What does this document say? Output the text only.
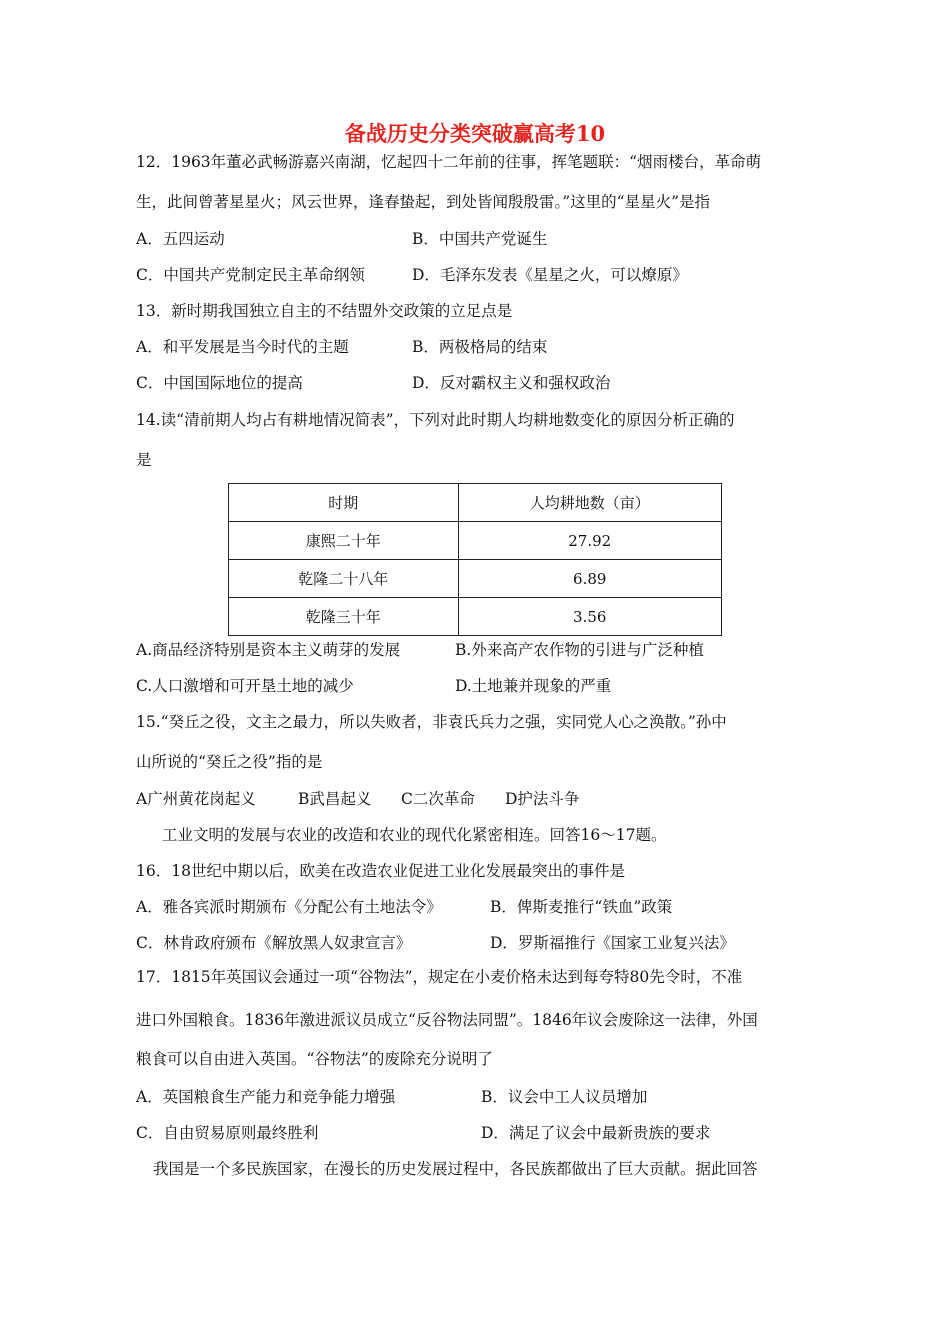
备战历史分类突破赢高考10
12．1963年董必武畅游嘉兴南湖，忆起四十二年前的往事，挥笔题联：“烟雨楼台，革命萌
生，此间曾著星星火；风云世界，逢春蛰起，到处皆闻殷殷雷。”这里的“星星火”是指
A．五四运动	B．中国共产党诞生
C．中国共产党制定民主革命纲领	D．毛泽东发表《星星之火，可以燎原》
13．新时期我国独立自主的不结盟外交政策的立足点是
A．和平发展是当今时代的主题	B．两极格局的结束
C．中国国际地位的提高	D．反对霸权主义和强权政治
14.读“清前期人均占有耕地情况简表”，下列对此时期人均耕地数变化的原因分析正确的
是
时期	人均耕地数（亩）
康熙二十年	27.92
乾隆二十八年	6.89
乾隆三十年	3.56
A.商品经济特别是资本主义萌芽的发展	B.外来高产农作物的引进与广泛种植
C.人口激增和可开垦土地的减少	D.土地兼并现象的严重
15.“癸丘之役，文主之最力，所以失败者，非袁氏兵力之强，实同党人心之涣散。”孙中
山所说的“癸丘之役”指的是
A广州黄花岗起义	B武昌起义 C二次革命 D护法斗争
工业文明的发展与农业的改造和农业的现代化紧密相连。回答16～17题。
16．18世纪中期以后，欧美在改造农业促进工业化发展最突出的事件是
A．雅各宾派时期颁布《分配公有土地法令》	B．俾斯麦推行“铁血”政策
C．林肯政府颁布《解放黑人奴隶宣言》	D．罗斯福推行《国家工业复兴法》
17．1815年英国议会通过一项“谷物法”，规定在小麦价格未达到每夸特80先令时，不准
进口外国粮食。1836年激进派议员成立“反谷物法同盟”。1846年议会废除这一法律，外国
粮食可以自由进入英国。“谷物法”的废除充分说明了
A．英国粮食生产能力和竞争能力增强	B．议会中工人议员增加
C．自由贸易原则最终胜利	D．满足了议会中最新贵族的要求
我国是一个多民族国家，在漫长的历史发展过程中，各民族都做出了巨大贡献。据此回答
